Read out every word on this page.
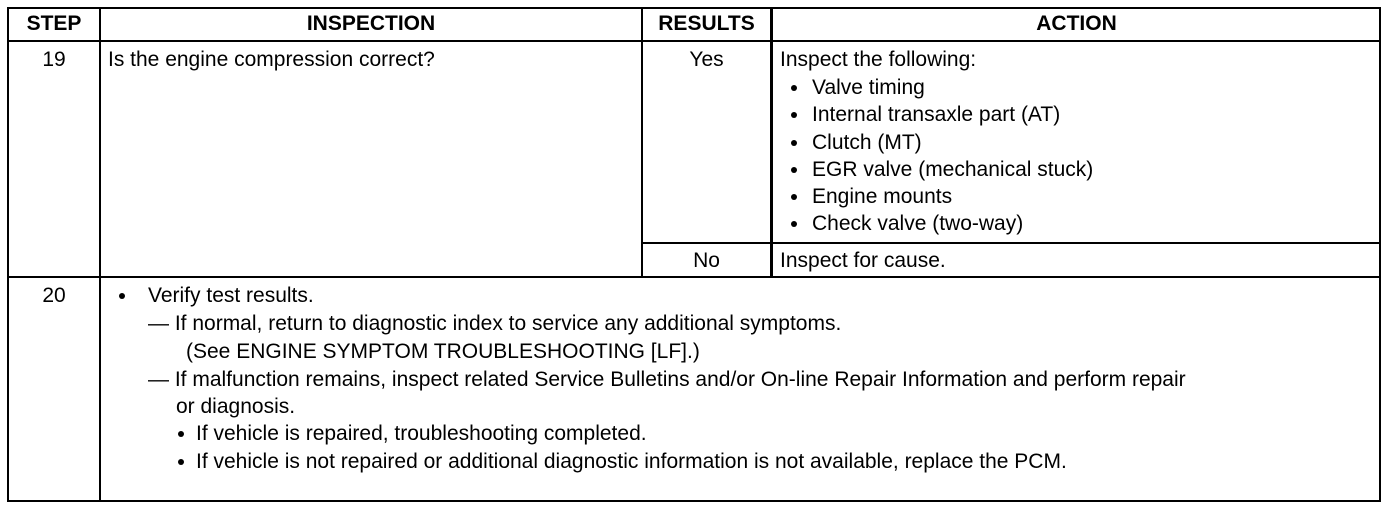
STEP	INSPECTION	RESULTS	ACTION
19	Is the engine compression correct?	Yes	Inspect the following:
Valve timing
Internal transaxle part (AT)
Clutch (MT)
EGR valve (mechanical stuck)
Engine mounts
Check valve (two-way)
No	Inspect for cause.
20	Verify test results.
— If normal, return to diagnostic index to service any additional symptoms.
(See ENGINE SYMPTOM TROUBLESHOOTING [LF].)
— If malfunction remains, inspect related Service Bulletins and/or On-line Repair Information and perform repair
or diagnosis.
If vehicle is repaired, troubleshooting completed.
If vehicle is not repaired or additional diagnostic information is not available, replace the PCM.
